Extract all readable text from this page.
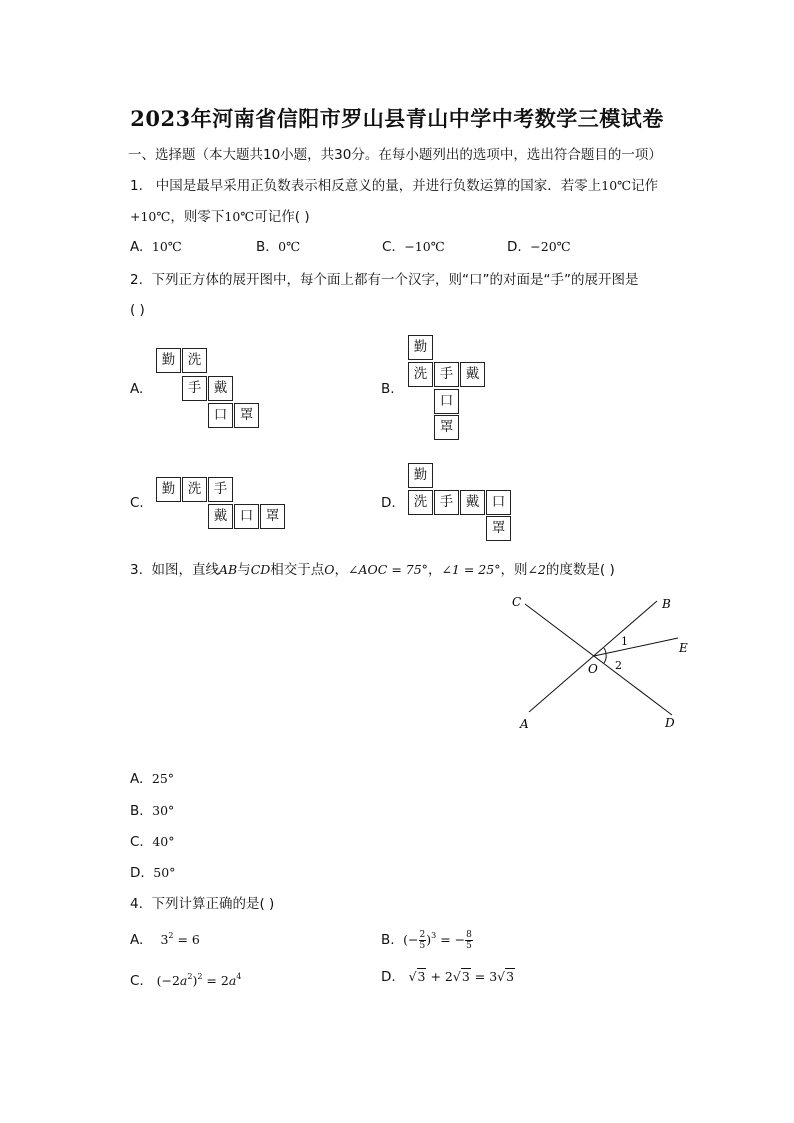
2023年河南省信阳市罗山县青山中学中考数学三模试卷
一、选择题（本大题共10小题，共30分。在每小题列出的选项中，选出符合题目的一项）
1. 中国是最早采用正负数表示相反意义的量，并进行负数运算的国家．若零上10℃记作
+10℃，则零下10℃可记作( )
A. 10℃	B. 0℃	C. −10℃	D. −20℃
2. 下列正方体的展开图中，每个面上都有一个汉字，则“口”的对面是“手”的展开图是
( )
A.
勤 洗
手 戴
口 罩
B.
勤
洗 手 戴
口
罩
C.
勤 洗 手
戴 口 罩
D.
勤
洗 手 戴 口
罩
3. 如图，直线AB与CD相交于点O，∠AOC = 75°，∠1 = 25°，则∠2的度数是( )
C	B
E
O
A	D
1
2
A. 25°
B. 30°
C. 40°
D. 50°
4. 下列计算正确的是( )
A. $3^2 = 6$	B. (− $\frac{2}{5} )^3$ = − $\frac{8}{5}$
C. $(-2a^2)^2 = 2a^4$	D. √3 + 2√3 = 3√3
